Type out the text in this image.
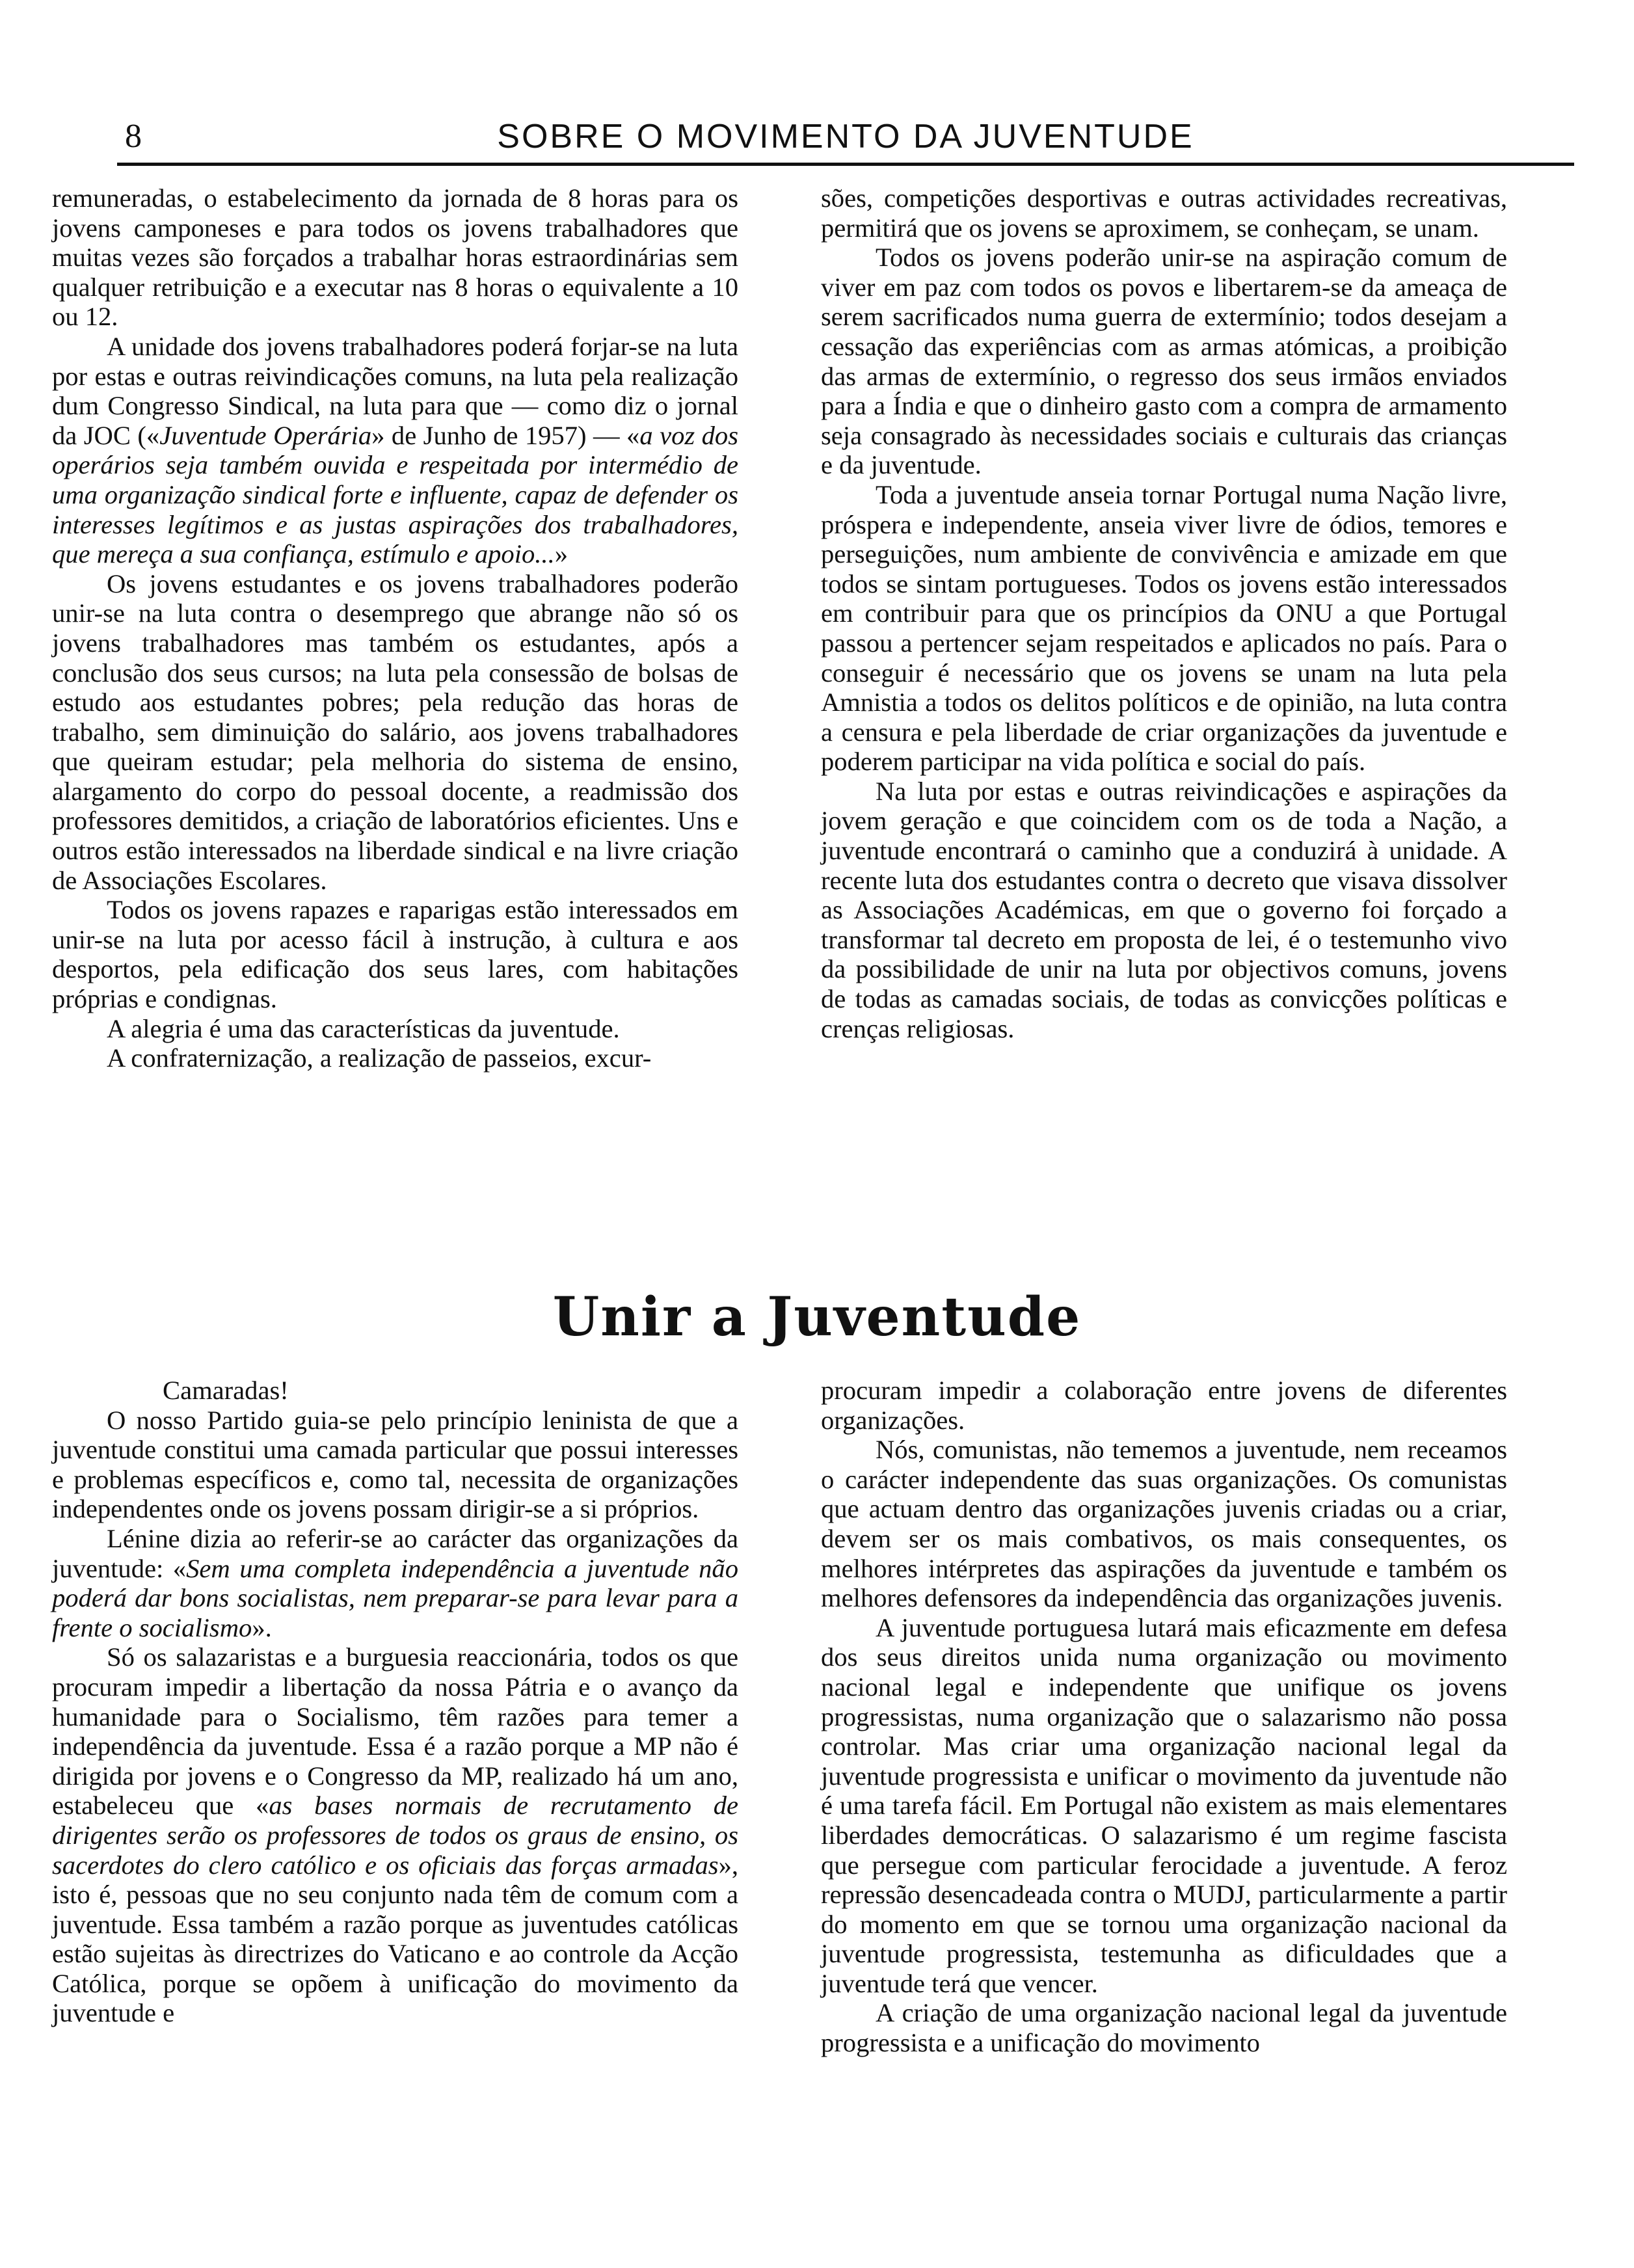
8	SOBRE O MOVIMENTO DA JUVENTUDE

remuneradas, o estabelecimento da jornada de 8 horas para os jovens camponeses e para todos os jovens trabalhadores que muitas vezes são forçados a trabalhar horas estraordinárias sem qualquer retribuição e a executar nas 8 horas o equivalente a 10 ou 12.

A unidade dos jovens trabalhadores poderá forjar-se na luta por estas e outras reivindicações comuns, na luta pela realização dum Congresso Sindical, na luta para que — como diz o jornal da JOC («Juventude Operária» de Junho de 1957) — «a voz dos operários seja também ouvida e respeitada por intermédio de uma organização sindical forte e influente, capaz de defender os interesses legítimos e as justas aspirações dos trabalhadores, que mereça a sua confiança, estímulo e apoio...»

Os jovens estudantes e os jovens trabalhadores poderão unir-se na luta contra o desemprego que abrange não só os jovens trabalhadores mas também os estudantes, após a conclusão dos seus cursos; na luta pela consessão de bolsas de estudo aos estudantes pobres; pela redução das horas de trabalho, sem diminuição do salário, aos jovens trabalhadores que queiram estudar; pela melhoria do sistema de ensino, alargamento do corpo do pessoal docente, a readmissão dos professores demitidos, a criação de laboratórios eficientes. Uns e outros estão interessados na liberdade sindical e na livre criação de Associações Escolares.

Todos os jovens rapazes e raparigas estão interessados em unir-se na luta por acesso fácil à instrução, à cultura e aos desportos, pela edificação dos seus lares, com habitações próprias e condignas.

A alegria é uma das características da juventude.

A confraternização, a realização de passeios, excur-

sões, competições desportivas e outras actividades recreativas, permitirá que os jovens se aproximem, se conheçam, se unam.

Todos os jovens poderão unir-se na aspiração comum de viver em paz com todos os povos e libertarem-se da ameaça de serem sacrificados numa guerra de extermínio; todos desejam a cessação das experiências com as armas atómicas, a proibição das armas de extermínio, o regresso dos seus irmãos enviados para a Índia e que o dinheiro gasto com a compra de armamento seja consagrado às necessidades sociais e culturais das crianças e da juventude.

Toda a juventude anseia tornar Portugal numa Nação livre, próspera e independente, anseia viver livre de ódios, temores e perseguições, num ambiente de convivência e amizade em que todos se sintam portugueses. Todos os jovens estão interessados em contribuir para que os princípios da ONU a que Portugal passou a pertencer sejam respeitados e aplicados no país. Para o conseguir é necessário que os jovens se unam na luta pela Amnistia a todos os delitos políticos e de opinião, na luta contra a censura e pela liberdade de criar organizações da juventude e poderem participar na vida política e social do país.

Na luta por estas e outras reivindicações e aspirações da jovem geração e que coincidem com os de toda a Nação, a juventude encontrará o caminho que a conduzirá à unidade. A recente luta dos estudantes contra o decreto que visava dissolver as Associações Académicas, em que o governo foi forçado a transformar tal decreto em proposta de lei, é o testemunho vivo da possibilidade de unir na luta por objectivos comuns, jovens de todas as camadas sociais, de todas as convicções políticas e crenças religiosas.

Unir a Juventude

Camaradas!

O nosso Partido guia-se pelo princípio leninista de que a juventude constitui uma camada particular que possui interesses e problemas específicos e, como tal, necessita de organizações independentes onde os jovens possam dirigir-se a si próprios.

Lénine dizia ao referir-se ao carácter das organizações da juventude: «Sem uma completa independência a juventude não poderá dar bons socialistas, nem preparar-se para levar para a frente o socialismo».

Só os salazaristas e a burguesia reaccionária, todos os que procuram impedir a libertação da nossa Pátria e o avanço da humanidade para o Socialismo, têm razões para temer a independência da juventude. Essa é a razão porque a MP não é dirigida por jovens e o Congresso da MP, realizado há um ano, estabeleceu que «as bases normais de recrutamento de dirigentes serão os professores de todos os graus de ensino, os sacerdotes do clero católico e os oficiais das forças armadas», isto é, pessoas que no seu conjunto nada têm de comum com a juventude. Essa também a razão porque as juventudes católicas estão sujeitas às directrizes do Vaticano e ao controle da Acção Católica, porque se opõem à unificação do movimento da juventude e

procuram impedir a colaboração entre jovens de diferentes organizações.

Nós, comunistas, não tememos a juventude, nem receamos o carácter independente das suas organizações. Os comunistas que actuam dentro das organizações juvenis criadas ou a criar, devem ser os mais combativos, os mais consequentes, os melhores intérpretes das aspirações da juventude e também os melhores defensores da independência das organizações juvenis.

A juventude portuguesa lutará mais eficazmente em defesa dos seus direitos unida numa organização ou movimento nacional legal e independente que unifique os jovens progressistas, numa organização que o salazarismo não possa controlar. Mas criar uma organização nacional legal da juventude progressista e unificar o movimento da juventude não é uma tarefa fácil. Em Portugal não existem as mais elementares liberdades democráticas. O salazarismo é um regime fascista que persegue com particular ferocidade a juventude. A feroz repressão desencadeada contra o MUDJ, particularmente a partir do momento em que se tornou uma organização nacional da juventude progressista, testemunha as dificuldades que a juventude terá que vencer.

A criação de uma organização nacional legal da juventude progressista e a unificação do movimento
